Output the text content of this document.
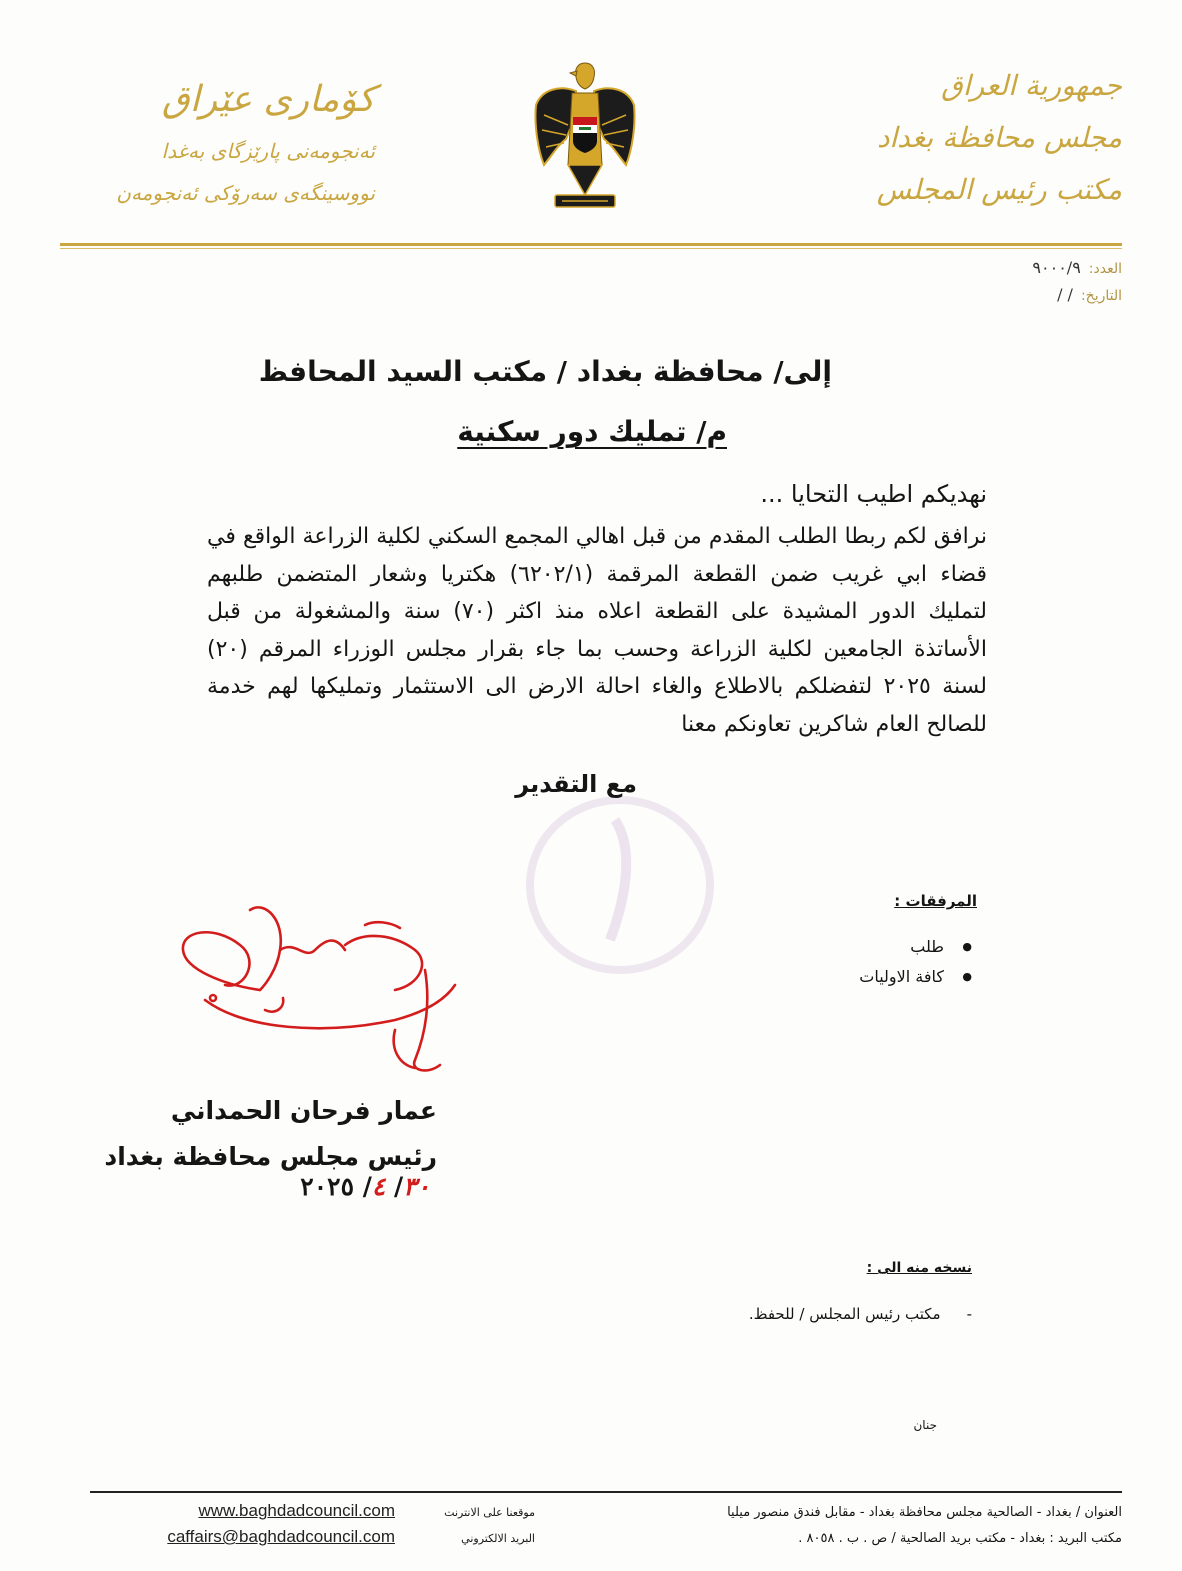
جمهورية العراق
مجلس محافظة بغداد
مكتب رئيس المجلس
كۆماری عێراق
ئەنجومەنی پارێزگای بەغدا
نووسینگەی سەرۆکی ئەنجومەن
العدد:٩٠٠٠/٩
التاريخ:/ /
إلى/ محافظة بغداد / مكتب السيد المحافظ
م/ تمليك دور سكنية
نهديكم اطيب التحايا ...
نرافق لكم ربطا الطلب المقدم من قبل اهالي المجمع السكني لكلية الزراعة الواقع في قضاء ابي غريب ضمن القطعة المرقمة (٦٢٠٢/١) هكتريا وشعار المتضمن طلبهم لتمليك الدور المشيدة على القطعة اعلاه منذ اكثر (٧٠) سنة والمشغولة من قبل الأساتذة الجامعين لكلية الزراعة وحسب بما جاء بقرار مجلس الوزراء المرقم (٢٠) لسنة ٢٠٢٥ لتفضلكم بالاطلاع والغاء احالة الارض الى الاستثمار وتمليكها لهم خدمة للصالح العام شاكرين تعاونكم معنا
مع التقدير
المرفقات :
● طلب
● كافة الاوليات
عمار فرحان الحمداني
رئيس مجلس محافظة بغداد
٣٠/ ٤/ ٢٠٢٥
نسخه منه الى :
-مكتب رئيس المجلس / للحفظ.
جنان
العنوان / بغداد - الصالحية مجلس محافظة بغداد - مقابل فندق منصور ميليا
مكتب البريد : بغداد - مكتب بريد الصالحية / ص . ب . ٨٠٥٨ .
موقعنا على الانترنت
البريد الالكتروني
www.baghdadcouncil.com
caffairs@baghdadcouncil.com
